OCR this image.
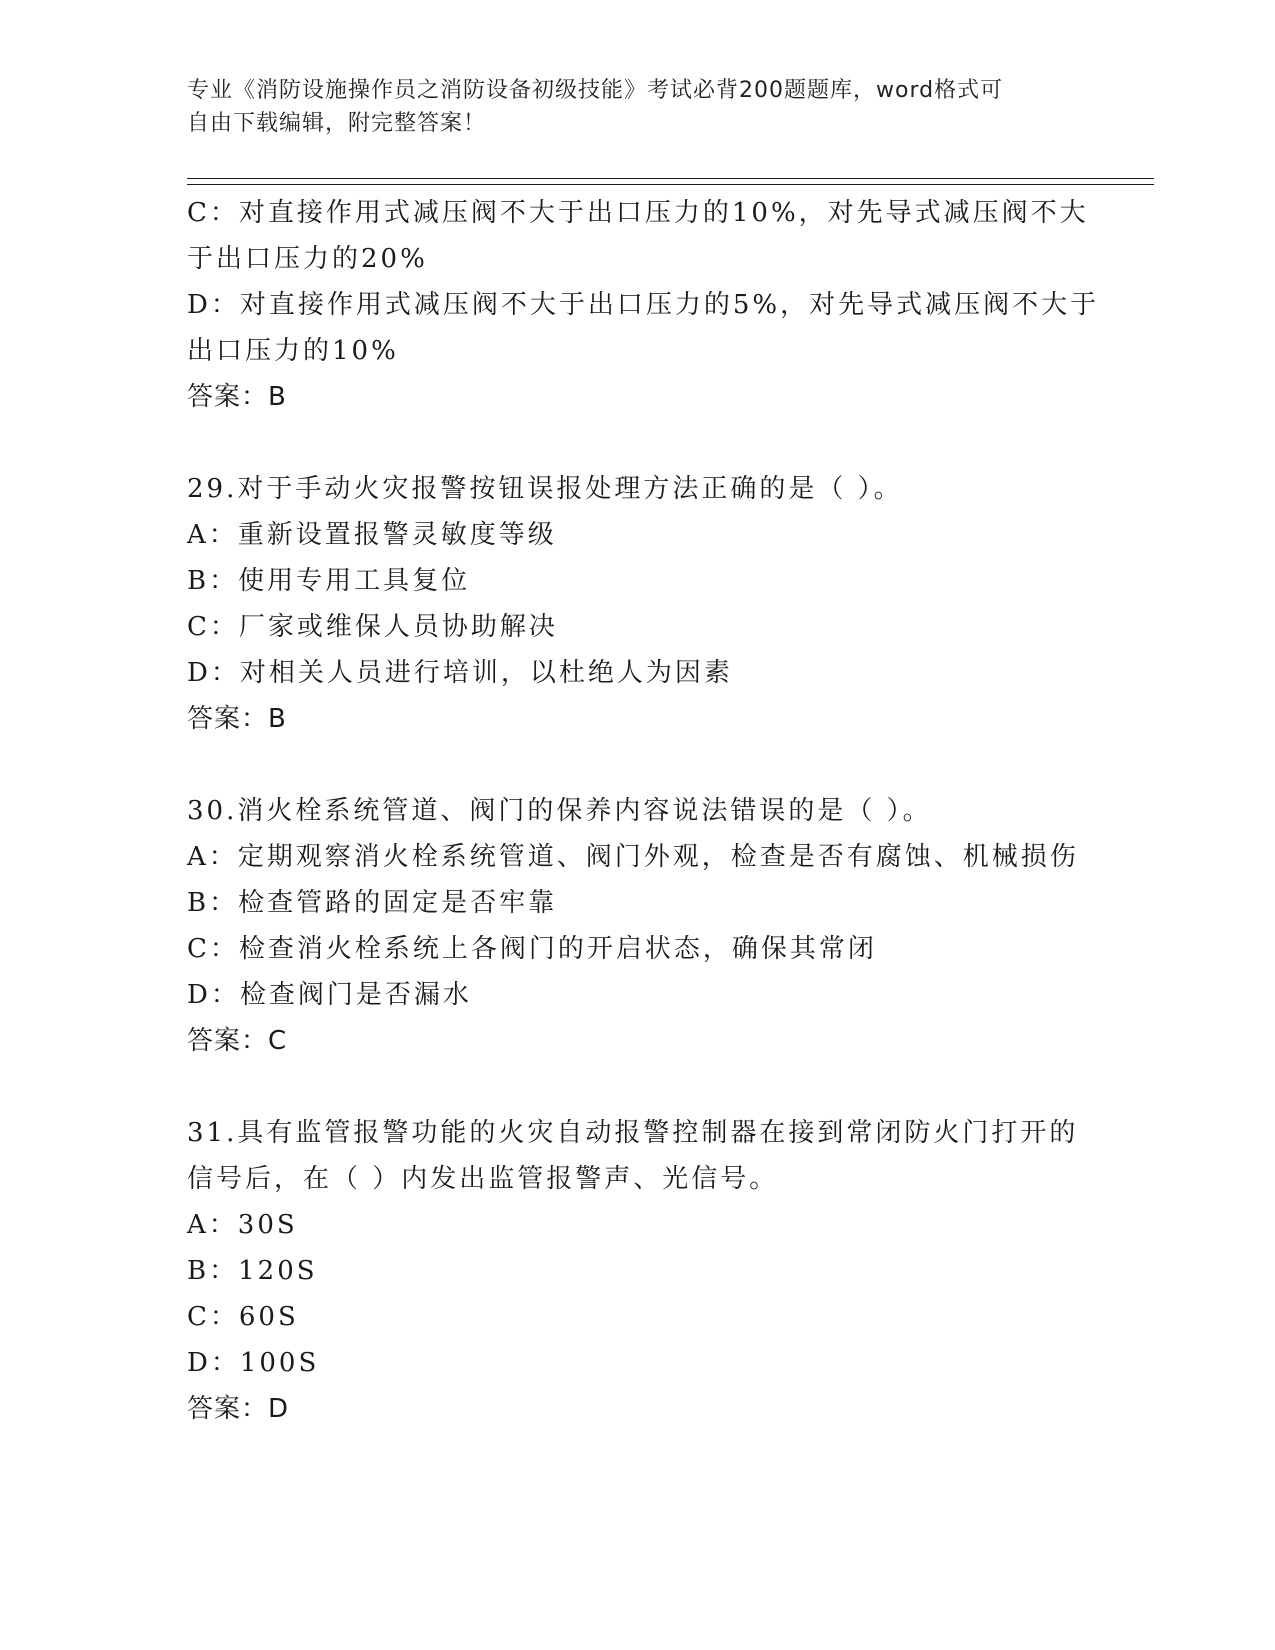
专业《消防设施操作员之消防设备初级技能》考试必背200题题库，word格式可
自由下载编辑，附完整答案！
C：对直接作用式减压阀不大于出口压力的10%，对先导式减压阀不大
于出口压力的20%
D：对直接作用式减压阀不大于出口压力的5%，对先导式减压阀不大于
出口压力的10%
答案：B
29.对于手动火灾报警按钮误报处理方法正确的是（ ）。
A：重新设置报警灵敏度等级
B：使用专用工具复位
C：厂家或维保人员协助解决
D：对相关人员进行培训，以杜绝人为因素
答案：B
30.消火栓系统管道、阀门的保养内容说法错误的是（ ）。
A：定期观察消火栓系统管道、阀门外观，检查是否有腐蚀、机械损伤
B：检查管路的固定是否牢靠
C：检查消火栓系统上各阀门的开启状态，确保其常闭
D：检查阀门是否漏水
答案：C
31.具有监管报警功能的火灾自动报警控制器在接到常闭防火门打开的
信号后，在（ ）内发出监管报警声、光信号。
A：30S
B：120S
C：60S
D：100S
答案：D
